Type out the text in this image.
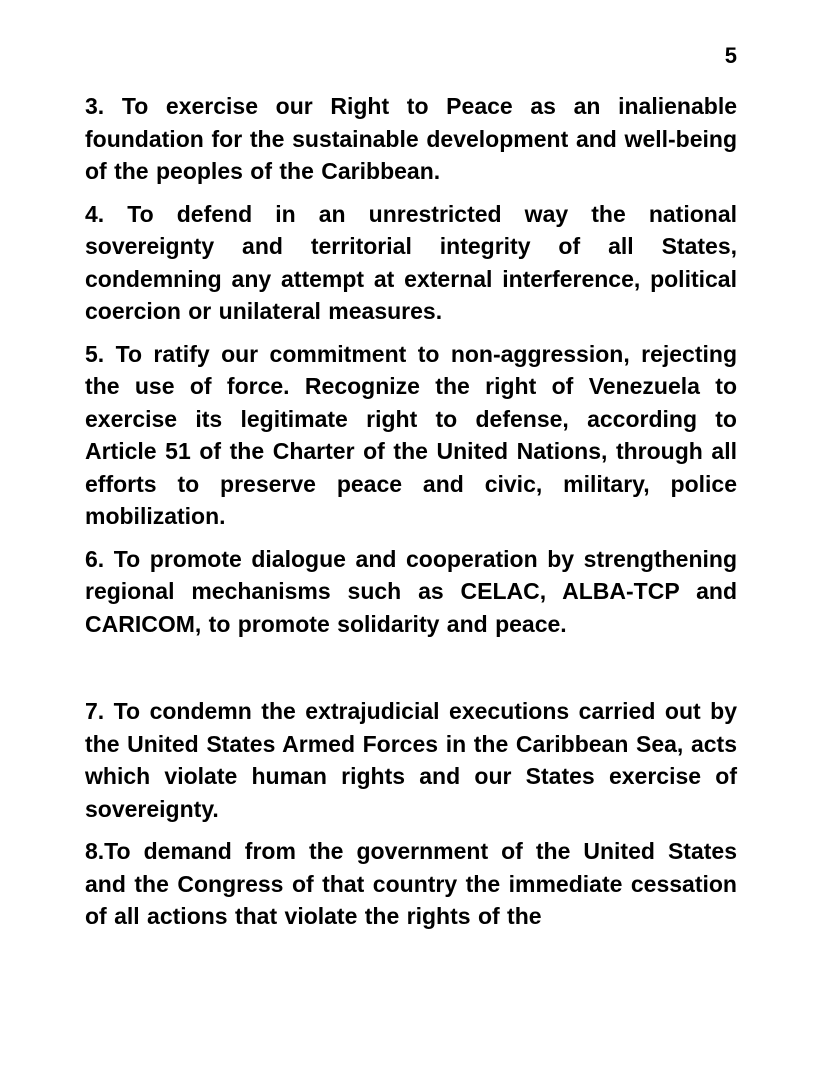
5

3. To exercise our Right to Peace as an inalienable foundation for the sustainable development and well-being of the peoples of the Caribbean.

4. To defend in an unrestricted way the national sovereignty and territorial integrity of all States, condemning any attempt at external interference, political coercion or unilateral measures.

5. To ratify our commitment to non-aggression, rejecting the use of force. Recognize the right of Venezuela to exercise its legitimate right to defense, according to Article 51 of the Charter of the United Nations, through all efforts to preserve peace and civic, military, police mobilization.

6. To promote dialogue and cooperation by strengthening regional mechanisms such as CELAC, ALBA-TCP and CARICOM, to promote solidarity and peace.

7. To condemn the extrajudicial executions carried out by the United States Armed Forces in the Caribbean Sea, acts which violate human rights and our States exercise of sovereignty.

8.To demand from the government of the United States and the Congress of that country the immediate cessation of all actions that violate the rights of the
